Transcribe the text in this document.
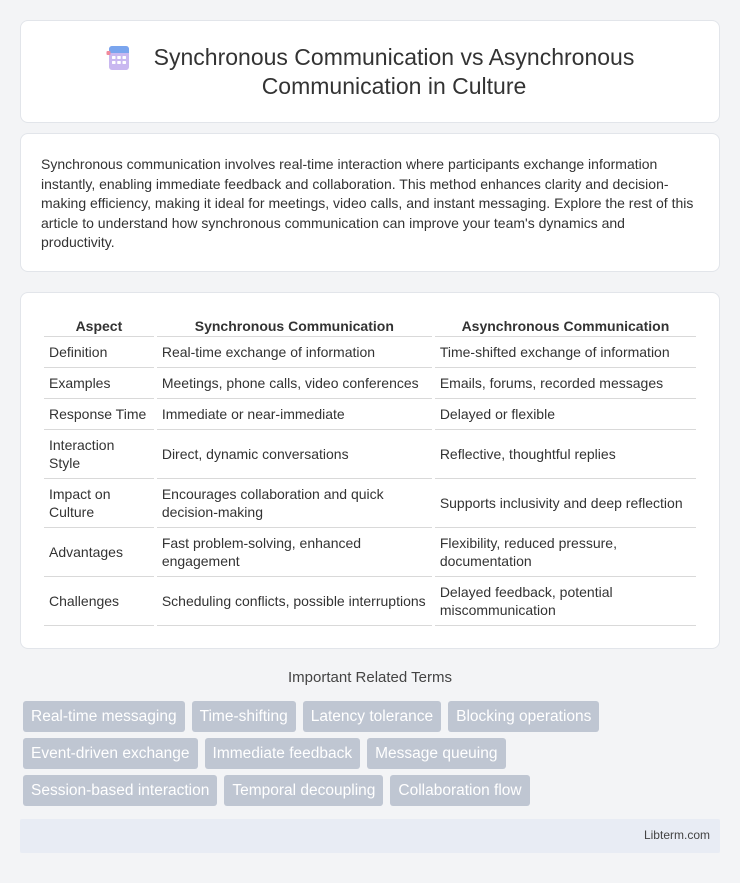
Synchronous Communication vs Asynchronous
Communication in Culture

Synchronous communication involves real-time interaction where participants exchange information instantly, enabling immediate feedback and collaboration. This method enhances clarity and decision-making efficiency, making it ideal for meetings, video calls, and instant messaging. Explore the rest of this article to understand how synchronous communication can improve your team's dynamics and productivity.

Aspect	Synchronous Communication	Asynchronous Communication
Definition	Real-time exchange of information	Time-shifted exchange of information
Examples	Meetings, phone calls, video conferences	Emails, forums, recorded messages
Response Time	Immediate or near-immediate	Delayed or flexible
Interaction Style	Direct, dynamic conversations	Reflective, thoughtful replies
Impact on Culture	Encourages collaboration and quick decision-making	Supports inclusivity and deep reflection
Advantages	Fast problem-solving, enhanced engagement	Flexibility, reduced pressure, documentation
Challenges	Scheduling conflicts, possible interruptions	Delayed feedback, potential miscommunication
Important Related Terms
Real-time messaging	Time-shifting	Latency tolerance	Blocking operations
Event-driven exchange	Immediate feedback	Message queuing
Session-based interaction	Temporal decoupling	Collaboration flow
Libterm.com
